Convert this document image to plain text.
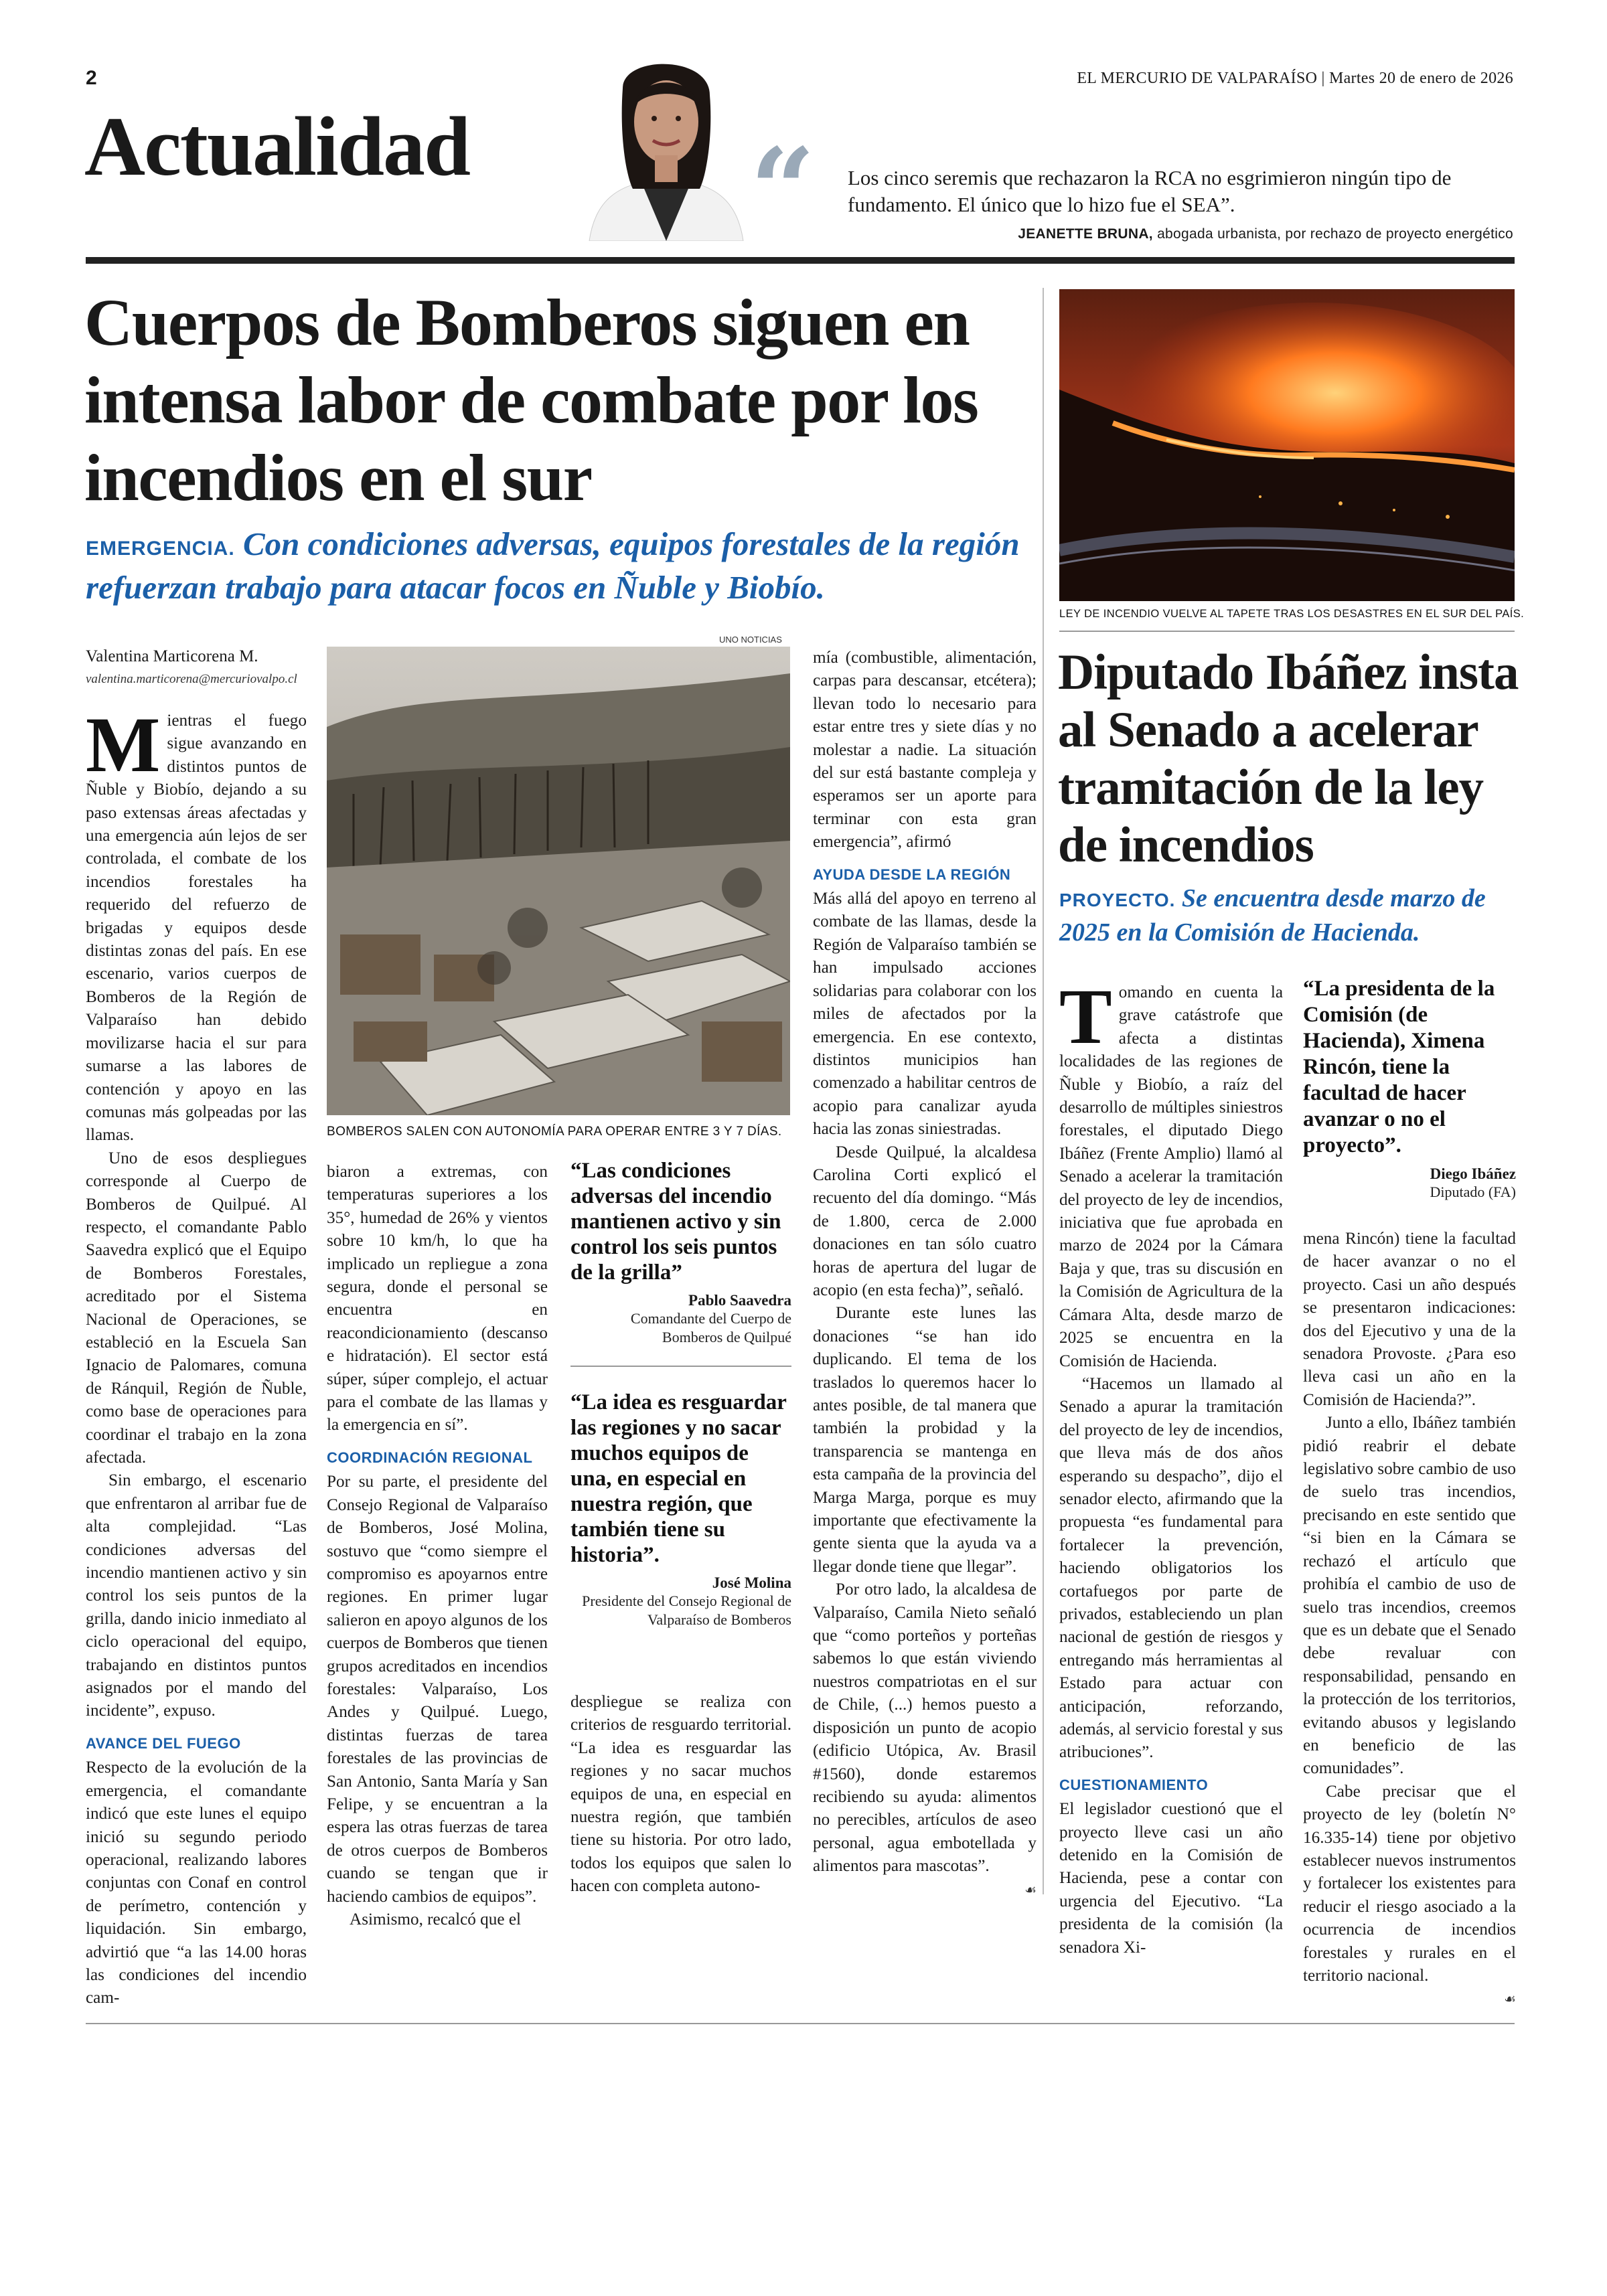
2	EL MERCURIO DE VALPARAÍSO | Martes 20 de enero de 2026
Actualidad “ Los cinco seremis que rechazaron la RCA no esgrimieron ningún tipo de fundamento. El único que lo hizo fue el SEA”.
JEANETTE BRUNA, abogada urbanista, por rechazo de proyecto energético
Cuerpos de Bomberos siguen en intensa labor de combate por los incendios en el sur
EMERGENCIA. Con condiciones adversas, equipos forestales de la región refuerzan trabajo para atacar focos en Ñuble y Biobío.
Valentina Marticorena M.
valentina.marticorena@mercuriovalpo.cl
UNO NOTICIAS
BOMBEROS SALEN CON AUTONOMÍA PARA OPERAR ENTRE 3 Y 7 DÍAS.

Mientras el fuego sigue avanzando en distintos puntos de Ñuble y Biobío, dejando a su paso extensas áreas afectadas y una emergencia aún lejos de ser controlada, el combate de los incendios forestales ha requerido del refuerzo de brigadas y equipos desde distintas zonas del país. En ese escenario, varios cuerpos de Bomberos de la Región de Valparaíso han debido movilizarse hacia el sur para sumarse a las labores de contención y apoyo en las comunas más golpeadas por las llamas.

Uno de esos despliegues corresponde al Cuerpo de Bomberos de Quilpué. Al respecto, el comandante Pablo Saavedra explicó que el Equipo de Bomberos Forestales, acreditado por el Sistema Nacional de Operaciones, se estableció en la Escuela San Ignacio de Palomares, comuna de Ránquil, Región de Ñuble, como base de operaciones para coordinar el trabajo en la zona afectada.

Sin embargo, el escenario que enfrentaron al arribar fue de alta complejidad. “Las condiciones adversas del incendio mantienen activo y sin control los seis puntos de la grilla, dando inicio inmediato al ciclo operacional del equipo, trabajando en distintos puntos asignados por el mando del incidente”, expuso.

AVANCE DEL FUEGO

Respecto de la evolución de la emergencia, el comandante indicó que este lunes el equipo inició su segundo periodo operacional, realizando labores conjuntas con Conaf en control de perímetro, contención y liquidación. Sin embargo, advirtió que “a las 14.00 horas las condiciones del incendio cam-

biaron a extremas, con temperaturas superiores a los 35°, humedad de 26% y vientos sobre 10 km/h, lo que ha implicado un repliegue a zona segura, donde el personal se encuentra en reacondicionamiento (descanso e hidratación). El sector está súper, súper complejo, el actuar para el combate de las llamas y la emergencia en sí”.

COORDINACIÓN REGIONAL

Por su parte, el presidente del Consejo Regional de Valparaíso de Bomberos, José Molina, sostuvo que “como siempre el compromiso es apoyarnos entre regiones. En primer lugar salieron en apoyo algunos de los cuerpos de Bomberos que tienen grupos acreditados en incendios forestales: Valparaíso, Los Andes y Quilpué. Luego, distintas fuerzas de tarea forestales de las provincias de San Antonio, Santa María y San Felipe, y se encuentran a la espera las otras fuerzas de tarea de otros cuerpos de Bomberos cuando se tengan que ir haciendo cambios de equipos”.

Asimismo, recalcó que el

“Las condiciones adversas del incendio mantienen activo y sin control los seis puntos de la grilla”
Pablo Saavedra
Comandante del Cuerpo de Bomberos de Quilpué
“La idea es resguardar las regiones y no sacar muchos equipos de una, en especial en nuestra región, que también tiene su historia”.
José Molina
Presidente del Consejo Regional de Valparaíso de Bomberos

despliegue se realiza con criterios de resguardo territorial. “La idea es resguardar las regiones y no sacar muchos equipos de una, en especial en nuestra región, que también tiene su historia. Por otro lado, todos los equipos que salen lo hacen con completa autono-

mía (combustible, alimentación, carpas para descansar, etcétera); llevan todo lo necesario para estar entre tres y siete días y no molestar a nadie. La situación del sur está bastante compleja y esperamos ser un aporte para terminar con esta gran emergencia”, afirmó

AYUDA DESDE LA REGIÓN

Más allá del apoyo en terreno al combate de las llamas, desde la Región de Valparaíso también se han impulsado acciones solidarias para colaborar con los miles de afectados por la emergencia. En ese contexto, distintos municipios han comenzado a habilitar centros de acopio para canalizar ayuda hacia las zonas siniestradas.

Desde Quilpué, la alcaldesa Carolina Corti explicó el recuento del día domingo. “Más de 1.800, cerca de 2.000 donaciones en tan sólo cuatro horas de apertura del lugar de acopio (en esta fecha)”, señaló.

Durante este lunes las donaciones “se han ido duplicando. El tema de los traslados lo queremos hacer lo antes posible, de tal manera que también la probidad y la transparencia se mantenga en esta campaña de la provincia del Marga Marga, porque es muy importante que efectivamente la gente sienta que la ayuda va a llegar donde tiene que llegar”.

Por otro lado, la alcaldesa de Valparaíso, Camila Nieto señaló que “como porteños y porteñas sabemos lo que están viviendo nuestros compatriotas en el sur de Chile, (...) hemos puesto a disposición un punto de acopio (edificio Utópica, Av. Brasil #1560), donde estaremos recibiendo su ayuda: alimentos no perecibles, artículos de aseo personal, agua embotellada y alimentos para mascotas”.

☙
LEY DE INCENDIO VUELVE AL TAPETE TRAS LOS DESASTRES EN EL SUR DEL PAÍS.
Diputado Ibáñez insta al Senado a acelerar tramitación de la ley de incendios
PROYECTO. Se encuentra desde marzo de 2025 en la Comisión de Hacienda.

Tomando en cuenta la grave catástrofe que afecta a distintas localidades de las regiones de Ñuble y Biobío, a raíz del desarrollo de múltiples siniestros forestales, el diputado Diego Ibáñez (Frente Amplio) llamó al Senado a acelerar la tramitación del proyecto de ley de incendios, iniciativa que fue aprobada en marzo de 2024 por la Cámara Baja y que, tras su discusión en la Comisión de Agricultura de la Cámara Alta, desde marzo de 2025 se encuentra en la Comisión de Hacienda.

“Hacemos un llamado al Senado a apurar la tramitación del proyecto de ley de incendios, que lleva más de dos años esperando su despacho”, dijo el senador electo, afirmando que la propuesta “es fundamental para fortalecer la prevención, haciendo obligatorios los cortafuegos por parte de privados, estableciendo un plan nacional de gestión de riesgos y entregando más herramientas al Estado para actuar con anticipación, reforzando, además, al servicio forestal y sus atribuciones”.

CUESTIONAMIENTO

El legislador cuestionó que el proyecto lleve casi un año detenido en la Comisión de Hacienda, pese a contar con urgencia del Ejecutivo. “La presidenta de la comisión (la senadora Xi-

“La presidenta de la Comisión (de Hacienda), Ximena Rincón, tiene la facultad de hacer avanzar o no el proyecto”.
Diego Ibáñez
Diputado (FA)

mena Rincón) tiene la facultad de hacer avanzar o no el proyecto. Casi un año después se presentaron indicaciones: dos del Ejecutivo y una de la senadora Provoste. ¿Para eso lleva casi un año en la Comisión de Hacienda?”.

Junto a ello, Ibáñez también pidió reabrir el debate legislativo sobre cambio de uso de suelo tras incendios, precisando en este sentido que “si bien en la Cámara se rechazó el artículo que prohibía el cambio de uso de suelo tras incendios, creemos que es un debate que el Senado debe revaluar con responsabilidad, pensando en la protección de los territorios, evitando abusos y legislando en beneficio de las comunidades”.

Cabe precisar que el proyecto de ley (boletín N° 16.335-14) tiene por objetivo establecer nuevos instrumentos y fortalecer los existentes para reducir el riesgo asociado a la ocurrencia de incendios forestales y rurales en el territorio nacional.

☙
